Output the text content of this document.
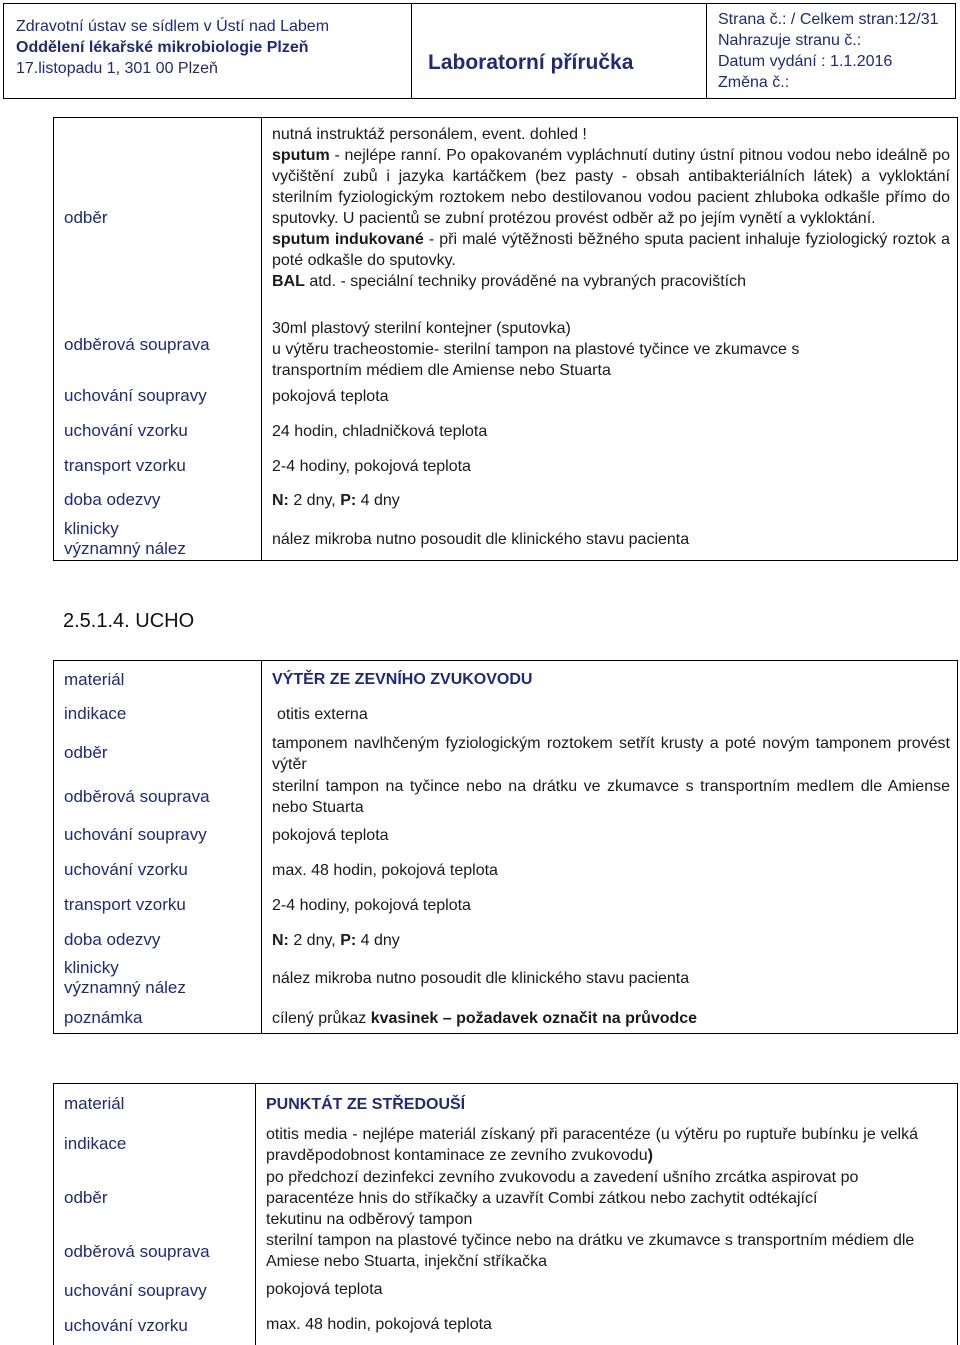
Zdravotní ústav se sídlem v Ústí nad Labem
Oddělení lékařské mikrobiologie Plzeň
17.listopadu 1, 301 00 Plzeň	Laboratorní příručka
Strana č.: / Celkem stran:12/31
Nahrazuje stranu č.:
Datum vydání : 1.1.2016
Změna č.:
odběr
odběrová souprava
uchování soupravy
uchování vzorku
transport vzorku
doba odezvy
klinicky
významný nález
nutná instruktáž personálem, event. dohled !
sputum - nejlépe ranní. Po opakovaném vypláchnutí dutiny ústní pitnou vodou nebo ideálně po vyčištění zubů i jazyka kartáčkem (bez pasty - obsah antibakteriálních látek) a vykloktání sterilním fyziologickým roztokem nebo destilovanou vodou pacient zhluboka odkašle přímo do sputovky. U pacientů se zubní protézou provést odběr až po jejím vynětí a vykloktání.
sputum indukované - při malé výtěžnosti běžného sputa pacient inhaluje fyziologický roztok a poté odkašle do sputovky.
BAL atd. - speciální techniky prováděné na vybraných pracovištích
30ml plastový sterilní kontejner (sputovka)
u výtěru tracheostomie- sterilní tampon na plastové tyčince ve zkumavce s transportním médiem dle Amiense nebo Stuarta
pokojová teplota
24 hodin, chladničková teplota
2-4 hodiny, pokojová teplota
N: 2 dny, P: 4 dny
nález mikroba nutno posoudit dle klinického stavu pacienta
2.5.1.4. UCHO
materiál
indikace
odběr
odběrová souprava
uchování soupravy
uchování vzorku
transport vzorku
doba odezvy
klinicky
významný nález
poznámka
VÝTĚR ZE ZEVNÍHO ZVUKOVODU
otitis externa
tamponem navlhčeným fyziologickým roztokem setřít krusty a poté novým tamponem provést výtěr
sterilní tampon na tyčince nebo na drátku ve zkumavce s transportním medIem dle Amiense nebo Stuarta
pokojová teplota
max. 48 hodin, pokojová teplota
2-4 hodiny, pokojová teplota
N: 2 dny, P: 4 dny
nález mikroba nutno posoudit dle klinického stavu pacienta
cílený průkaz kvasinek – požadavek označit na průvodce
materiál
indikace
odběr
odběrová souprava
uchování soupravy
uchování vzorku
PUNKTÁT ZE STŘEDOUŠÍ
otitis media - nejlépe materiál získaný při paracentéze (u výtěru po ruptuře bubínku je velká pravděpodobnost kontaminace ze zevního zvukovodu)
po předchozí dezinfekci zevního zvukovodu a zavedení ušního zrcátka aspirovat po paracentéze hnis do stříkačky a uzavřít Combi zátkou nebo zachytit odtékající tekutinu na odběrový tampon
sterilní tampon na plastové tyčince nebo na drátku ve zkumavce s transportním médiem dle Amiese nebo Stuarta, injekční stříkačka
pokojová teplota
max. 48 hodin, pokojová teplota
